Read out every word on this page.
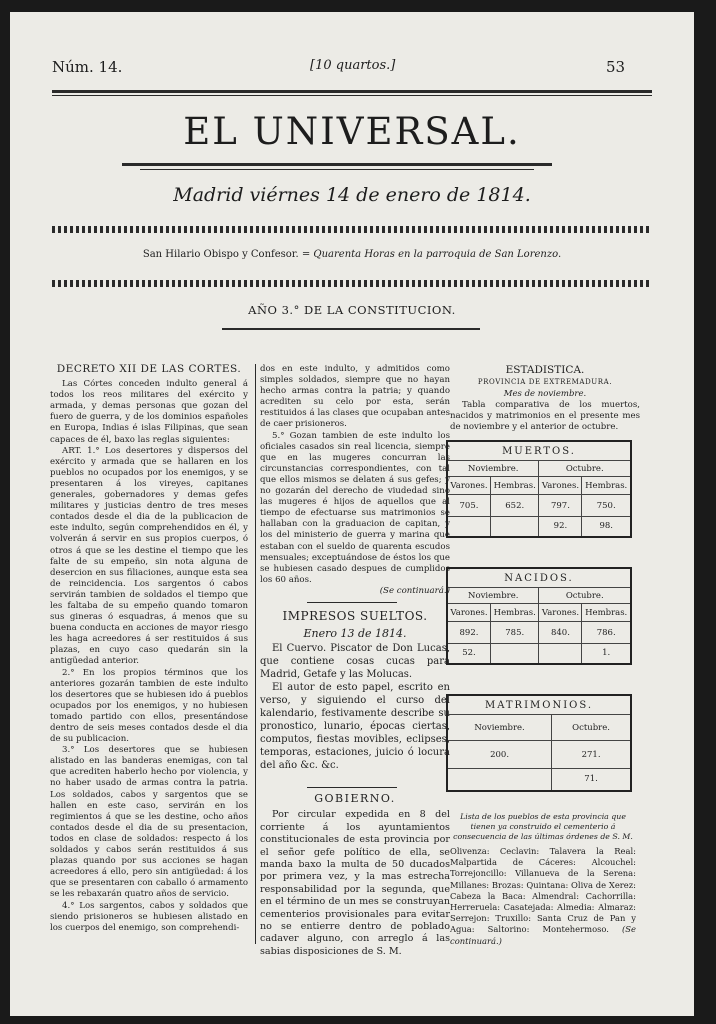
Núm. 14.	[10 quartos.]	53
EL UNIVERSAL.
Madrid viérnes 14 de enero de 1814.
San Hilario Obispo y Confesor. = Quarenta Horas en la parroquia de San Lorenzo.
AÑO 3.° DE LA CONSTITUCION.
DECRETO XII DE LAS CORTES.

Las Córtes conceden indulto general á todos los reos militares del exército y armada, y demas personas que gozan del fuero de guerra, y de los dominios españoles en Europa, Indias é islas Filipinas, que sean capaces de él, baxo las reglas siguientes:

ART. 1.° Los desertores y dispersos del exército y armada que se hallaren en los pueblos no ocupados por los enemigos, y se presentaren á los vireyes, capitanes generales, gobernadores y demas gefes militares y justicias dentro de tres meses contados desde el dia de la publicacion de este indulto, según comprehendidos en él, y volverán á servir en sus propios cuerpos, ó otros á que se les destine el tiempo que les falte de su empeño, sin nota alguna de desercion en sus filiaciones, aunque esta sea de reincidencia. Los sargentos ó cabos servirán tambien de soldados el tiempo que les faltaba de su empeño quando tomaron sus gineras ó esquadras, á menos que su buena conducta en acciones de mayor riesgo les haga acreedores á ser restituidos á sus plazas, en cuyo caso quedarán sin la antigüedad anterior.

2.° En los propios términos que los anteriores gozarán tambien de este indulto los desertores que se hubiesen ido á pueblos ocupados por los enemigos, y no hubiesen tomado partido con ellos, presentándose dentro de seis meses contados desde el dia de su publicacion.

3.° Los desertores que se hubiesen alistado en las banderas enemigas, con tal que acrediten haberlo hecho por violencia, y no haber usado de armas contra la patria. Los soldados, cabos y sargentos que se hallen en este caso, servirán en los regimientos á que se les destine, ocho años contados desde el dia de su presentacion, todos en clase de soldados: respecto á los soldados y cabos serán restituidos á sus plazas quando por sus acciones se hagan acreedores á ello, pero sin antigüedad: á los que se presentaren con caballo ó armamento se les rebaxarán quatro años de servicio.

4.° Los sargentos, cabos y soldados que siendo prisioneros se hubiesen alistado en los cuerpos del enemigo, son comprehendi-

dos en este indulto, y admitidos como simples soldados, siempre que no hayan hecho armas contra la patria; y quando acrediten su celo por esta, serán restituidos á las clases que ocupaban antes de caer prisioneros.

5.° Gozan tambien de este indulto los oficiales casados sin real licencia, siempre que en las mugeres concurran las circunstancias correspondientes, con tal que ellos mismos se delaten á sus gefes; y no gozarán del derecho de viudedad sino las mugeres é hijos de aquellos que al tiempo de efectuarse sus matrimonios se hallaban con la graduacion de capitan, y los del ministerio de guerra y marina que estaban con el sueldo de quarenta escudos mensuales; exceptuándose de éstos los que se hubiesen casado despues de cumplidos los 60 años.

(Se continuará.)
IMPRESOS SUELTOS.
Enero 13 de 1814.

El Cuervo. Piscator de Don Lucas, que contiene cosas cucas para Madrid, Getafe y las Molucas.

El autor de esto papel, escrito en verso, y siguiendo el curso del kalendario, festivamente describe su pronostico, lunario, épocas ciertas, computos, fiestas movibles, eclipses, temporas, estaciones, juicio ó locura del año &c. &c.

GOBIERNO.

Por circular expedida en 8 del corriente á los ayuntamientos constitucionales de esta provincia por el señor gefe político de ella, se manda baxo la multa de 50 ducados por primera vez, y la mas estrecha responsabilidad por la segunda, que en el término de un mes se construyan cementerios provisionales para evitar no se entierre dentro de poblado cadaver alguno, con arreglo á las sabias disposiciones de S. M.

ESTADISTICA.
PROVINCIA DE EXTREMADURA.
Mes de noviembre.

Tabla comparativa de los muertos, nacidos y matrimonios en el presente mes de noviembre y el anterior de octubre.

MUERTOS.			
Noviembre.		Octubre.	
Varones.	Hembras.	Varones.	Hembras.
705.	652.	797.	750.
		92.	98.
NACIDOS.			
Noviembre.		Octubre.	
Varones.	Hembras.	Varones.	Hembras.
892.	785.	840.	786.
52.			1.
MATRIMONIOS.	
Noviembre.	Octubre.
200.	271.
	71.
Lista de los pueblos de esta provincia que tienen ya construido el cementerio á consecuencia de las últimas órdenes de S. M.
Olivenza: Ceclavin: Talavera la Real: Malpartida de Cáceres: Alcouchel: Torrejoncillo: Villanueva de la Serena: Millanes: Brozas: Quintana: Oliva de Xerez: Cabeza la Baca: Almendral: Cachorrilla: Herreruela: Casatejada: Almedia: Almaraz: Serrejon: Truxillo: Santa Cruz de Pan y Agua: Saltorino: Montehermoso. (Se continuará.)
